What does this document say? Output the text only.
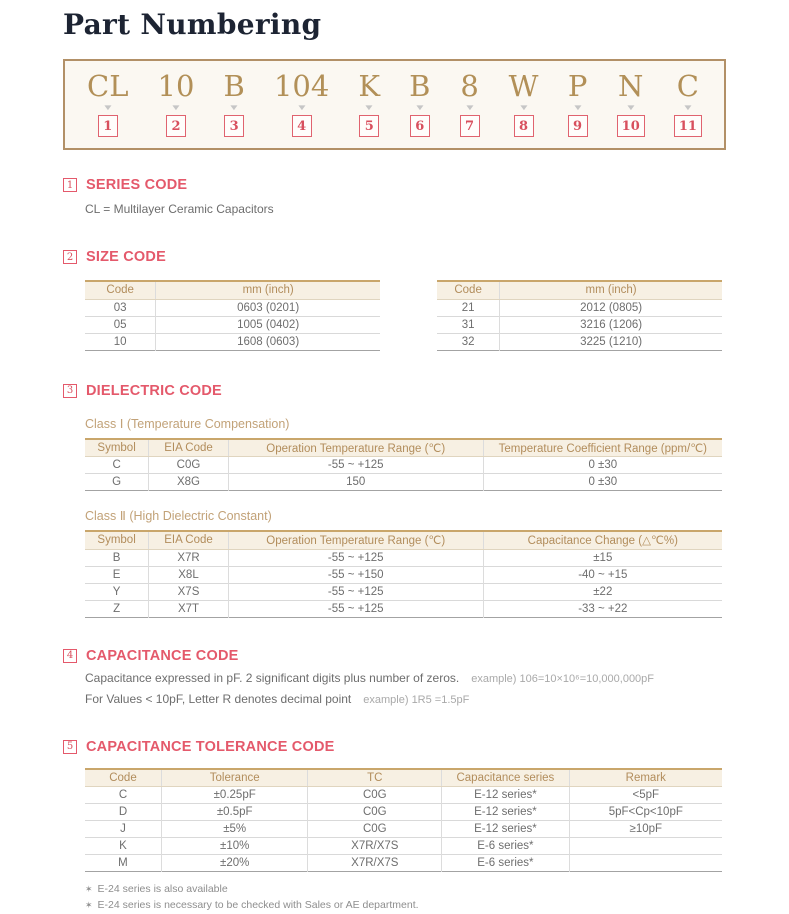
Part Numbering
CL
▼
1
10
▼
2
B
▼
3
104
▼
4
K
▼
5
B
▼
6
8
▼
7
W
▼
8
P
▼
9
N
▼
10
C
▼
11
1 SERIES CODE

CL = Multilayer Ceramic Capacitors

2 SIZE CODE
Code	mm (inch)
03	0603 (0201)
05	1005 (0402)
10	1608 (0603)
Code	mm (inch)
21	2012 (0805)
31	3216 (1206)
32	3225 (1210)
3 DIELECTRIC CODE
Class Ⅰ (Temperature Compensation)
Symbol	EIA Code	Operation Temperature Range (℃)	Temperature Coefficient Range (ppm/℃)
C	C0G	-55 ~ +125	0 ±30
G	X8G	150	0 ±30
Class Ⅱ (High Dielectric Constant)
Symbol	EIA Code	Operation Temperature Range (℃)	Capacitance Change (△℃%)
B	X7R	-55 ~ +125	±15
E	X8L	-55 ~ +150	-40 ~ +15
Y	X7S	-55 ~ +125	±22
Z	X7T	-55 ~ +125	-33 ~ +22
4 CAPACITANCE CODE

Capacitance expressed in pF. 2 significant digits plus number of zeros. example) 106=10×10⁶=10,000,000pF

For Values < 10pF, Letter R denotes decimal point example) 1R5 =1.5pF

5 CAPACITANCE TOLERANCE CODE
Code	Tolerance	TC	Capacitance series	Remark
C	±0.25pF	C0G	E-12 series*	<5pF
D	±0.5pF	C0G	E-12 series*	5pF<Cp<10pF
J	±5%	C0G	E-12 series*	≥10pF
K	±10%	X7R/X7S	E-6 series*	
M	±20%	X7R/X7S	E-6 series*	
✶ E-24 series is also available
✶ E-24 series is necessary to be checked with Sales or AE department.
